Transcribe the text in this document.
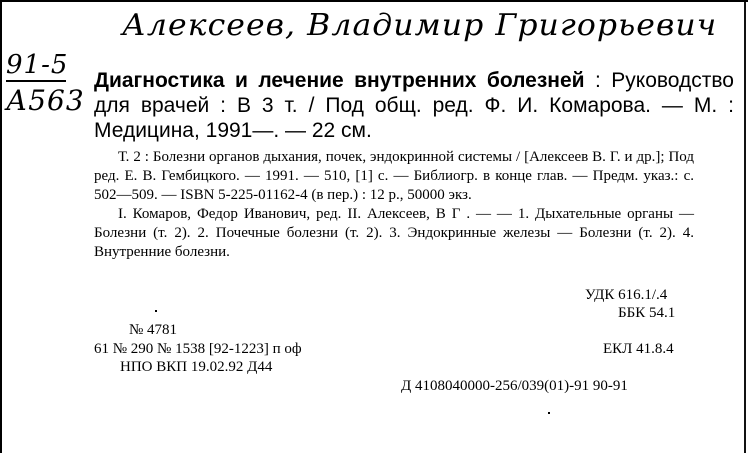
Алексеев, Владимир Григорьевич
91-5
А563
Диагностика и лечение внутренних болезней : Руководство для врачей : В 3 т. / Под общ. ред. Ф. И. Комарова. — М. : Медицина, 1991—. — 22 см.
Т. 2 : Болезни органов дыхания, почек, эндокринной системы / [Алексеев В. Г. и др.]; Под ред. Е. В. Гембицкого. — 1991. — 510, [1] с. — Библиогр. в конце глав. — Предм. указ.: с. 502—509. — ISBN 5-225-01162-4 (в пер.) : 12 р., 50000 экз.
I. Комаров, Федор Иванович, ред. II. Алексеев, В Г . — — 1. Дыхательные органы — Болезни (т. 2). 2. Почечные болезни (т. 2). 3. Эндокринные железы — Болезни (т. 2). 4. Внутренние болезни.
УДК 616.1/.4
ББК 54.1
№ 4781
61 № 290 № 1538 [92-1223] п оф	ЕКЛ 41.8.4
НПО ВКП 19.02.92 Д44
Д 4108040000-256/039(01)-91 90-91
